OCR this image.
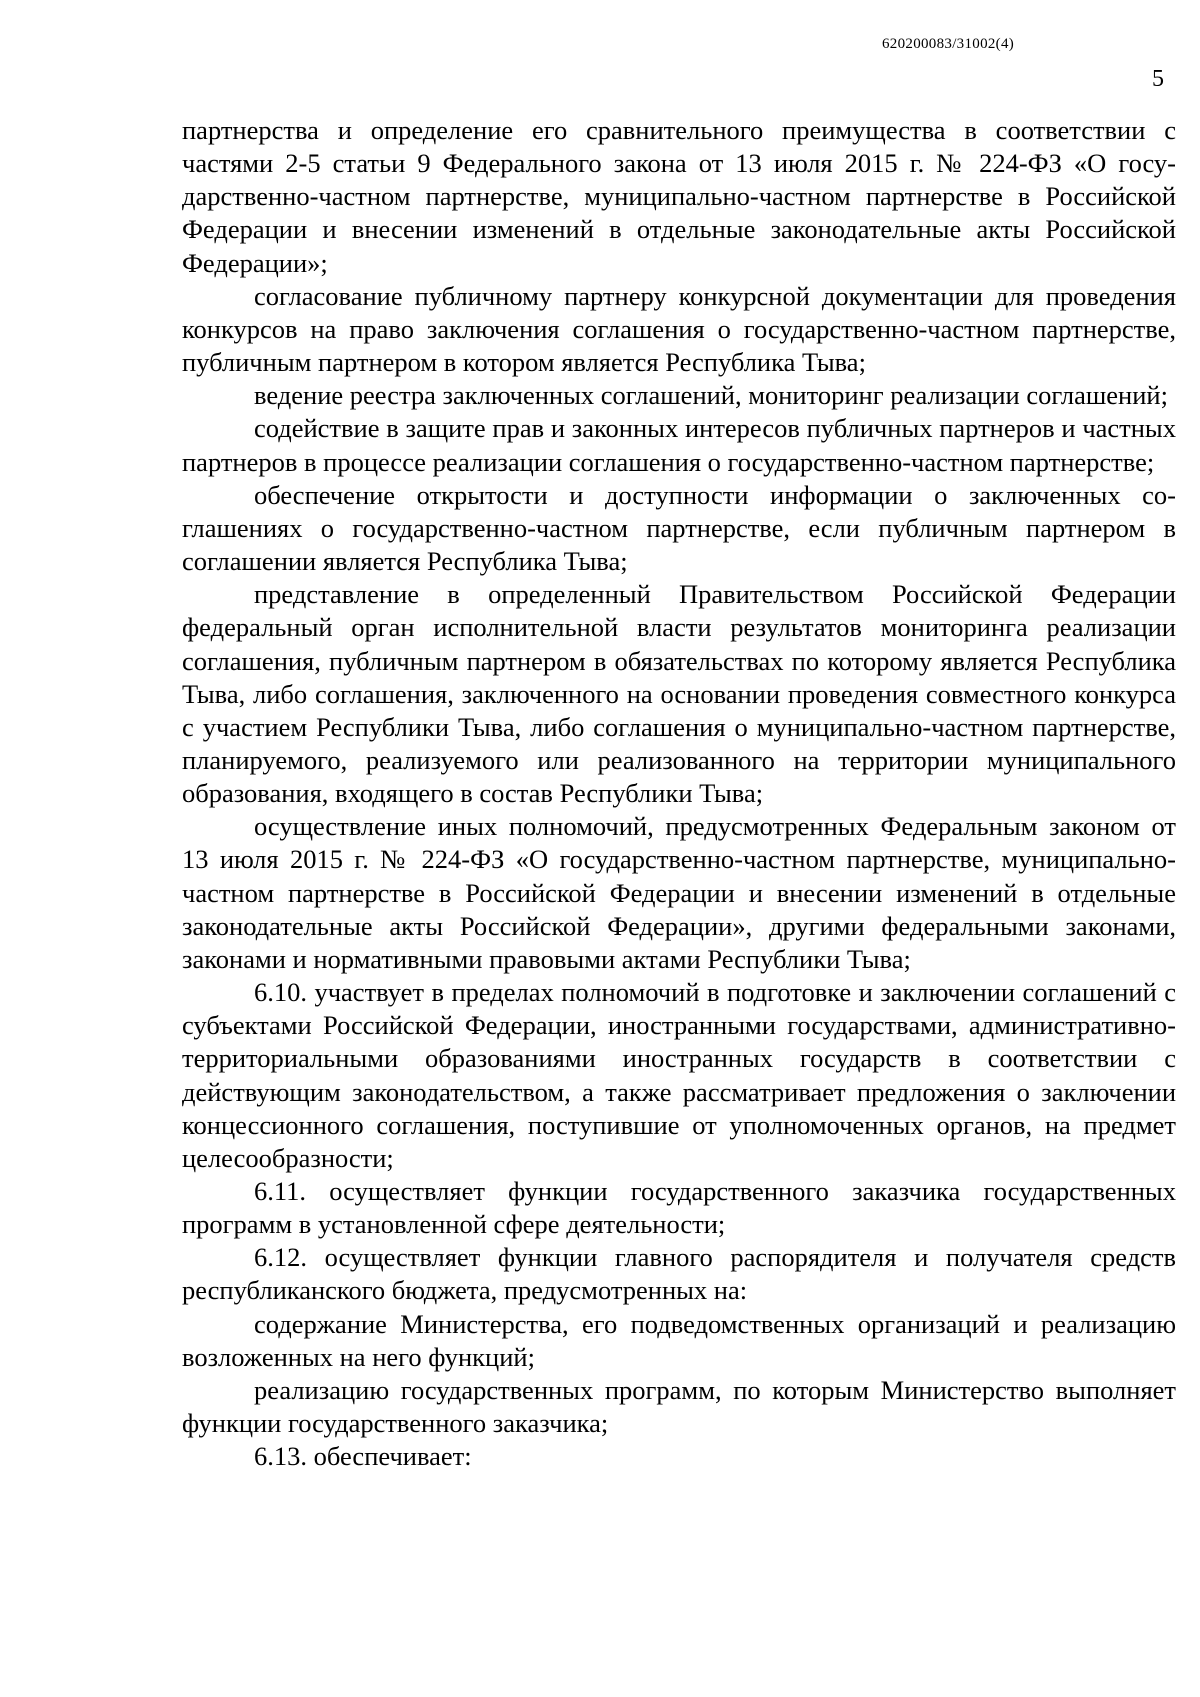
620200083/31002(4)
5

партнерства и определение его сравнительного преимущества в соответствии с частями 2-5 статьи 9 Федерального закона от 13 июля 2015 г. № 224-ФЗ «О государственно-частном партнерстве, муниципально-частном партнерстве в Российской Федерации и внесении изменений в отдельные законодательные акты Российской Федерации»;

согласование публичному партнеру конкурсной документации для проведения конкурсов на право заключения соглашения о государственно-частном партнерстве, публичным партнером в котором является Республика Тыва;

ведение реестра заключенных соглашений, мониторинг реализации соглашений;

содействие в защите прав и законных интересов публичных партнеров и частных партнеров в процессе реализации соглашения о государственно-частном партнерстве;

обеспечение открытости и доступности информации о заключенных соглашениях о государственно-частном партнерстве, если публичным партнером в соглашении является Республика Тыва;

представление в определенный Правительством Российской Федерации федеральный орган исполнительной власти результатов мониторинга реализации соглашения, публичным партнером в обязательствах по которому является Республика Тыва, либо соглашения, заключенного на основании проведения совместного конкурса с участием Республики Тыва, либо соглашения о муниципально-частном партнерстве, планируемого, реализуемого или реализованного на территории муниципального образования, входящего в состав Республики Тыва;

осуществление иных полномочий, предусмотренных Федеральным законом от 13 июля 2015 г. № 224-ФЗ «О государственно-частном партнерстве, муниципально-частном партнерстве в Российской Федерации и внесении изменений в отдельные законодательные акты Российской Федерации», другими федеральными законами, законами и нормативными правовыми актами Республики Тыва;

6.10. участвует в пределах полномочий в подготовке и заключении соглашений с субъектами Российской Федерации, иностранными государствами, административно-территориальными образованиями иностранных государств в соответствии с действующим законодательством, а также рассматривает предложения о заключении концессионного соглашения, поступившие от уполномоченных органов, на предмет целесообразности;

6.11. осуществляет функции государственного заказчика государственных программ в установленной сфере деятельности;

6.12. осуществляет функции главного распорядителя и получателя средств республиканского бюджета, предусмотренных на:

содержание Министерства, его подведомственных организаций и реализацию возложенных на него функций;

реализацию государственных программ, по которым Министерство выполняет функции государственного заказчика;

6.13. обеспечивает:
